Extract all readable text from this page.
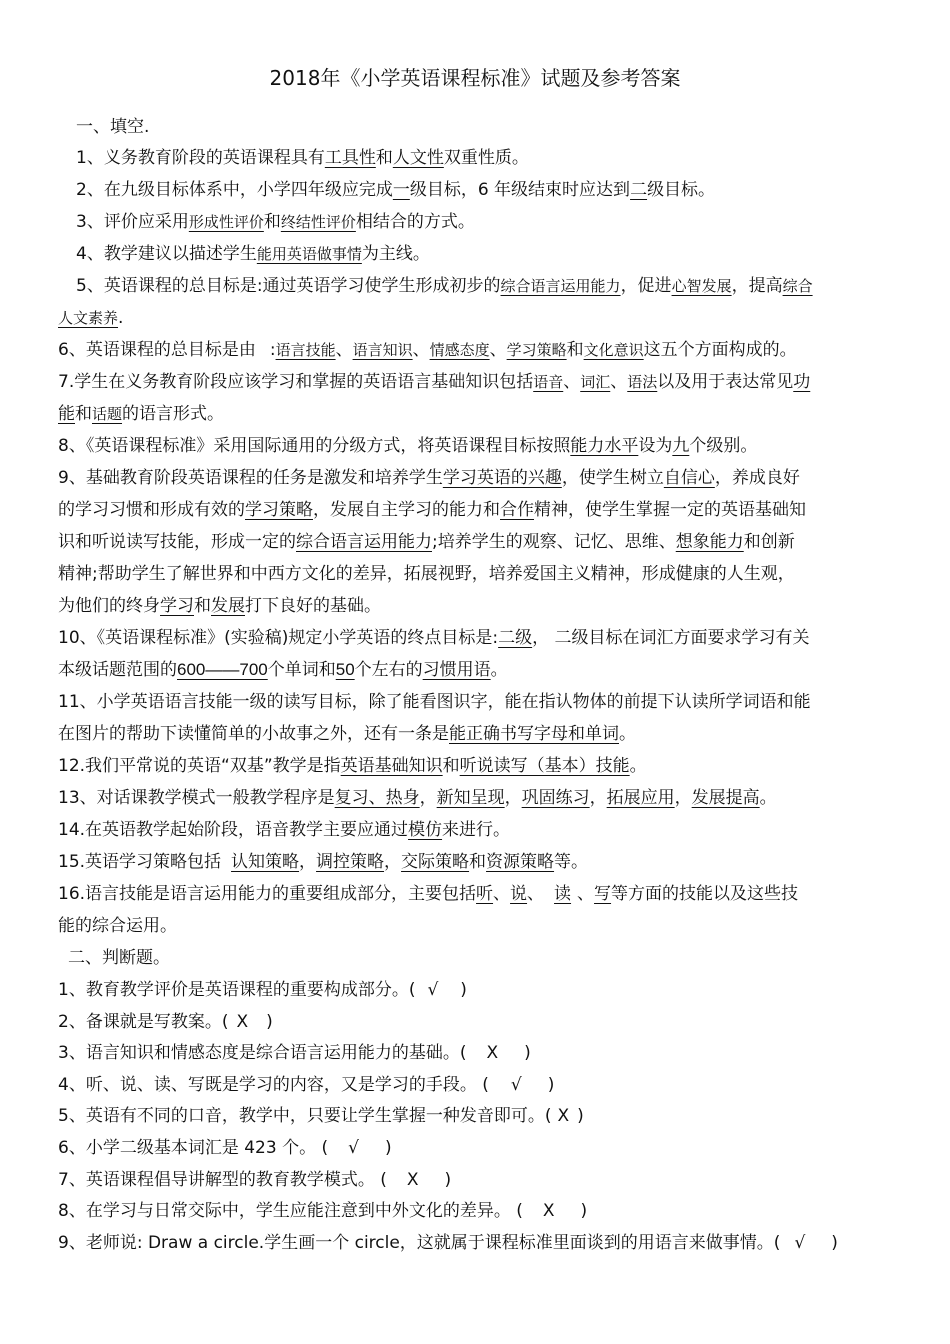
2018年《小学英语课程标准》试题及参考答案
一、填空.
1、义务教育阶段的英语课程具有工具性和人文性双重性质。
2、在九级目标体系中，小学四年级应完成一级目标，6 年级结束时应达到二级目标。
3、评价应采用形成性评价和终结性评价相结合的方式。
4、教学建议以描述学生能用英语做事情为主线。
5、英语课程的总目标是:通过英语学习使学生形成初步的综合语言运用能力，促进心智发展，提高综合
人文素养.
6、英语课程的总目标是由 :语言技能、语言知识、情感态度、学习策略和文化意识这五个方面构成的。
7.学生在义务教育阶段应该学习和掌握的英语语言基础知识包括语音、词汇、语法以及用于表达常见功
能和话题的语言形式。
8、《英语课程标准》采用国际通用的分级方式，将英语课程目标按照能力水平设为九个级别。
9、基础教育阶段英语课程的任务是激发和培养学生学习英语的兴趣，使学生树立自信心，养成良好
的学习习惯和形成有效的学习策略，发展自主学习的能力和合作精神，使学生掌握一定的英语基础知
识和听说读写技能，形成一定的综合语言运用能力;培养学生的观察、记忆、思维、想象能力和创新
精神;帮助学生了解世界和中西方文化的差异，拓展视野，培养爱国主义精神，形成健康的人生观，
为他们的终身学习和发展打下良好的基础。
10、《英语课程标准》(实验稿)规定小学英语的终点目标是:二级， 二级目标在词汇方面要求学习有关
本级话题范围的600——700个单词和50个左右的习惯用语。
11、小学英语语言技能一级的读写目标，除了能看图识字，能在指认物体的前提下认读所学词语和能
在图片的帮助下读懂简单的小故事之外，还有一条是能正确书写字母和单词。
12.我们平常说的英语“双基”教学是指英语基础知识和听说读写（基本）技能。
13、对话课教学模式一般教学程序是复习、热身，新知呈现，巩固练习，拓展应用，发展提高。
14.在英语教学起始阶段，语音教学主要应通过模仿来进行。
15.英语学习策略包括 认知策略，调控策略，交际策略和资源策略等。
16.语言技能是语言运用能力的重要组成部分，主要包括听、说、 读 、写等方面的技能以及这些技
能的综合运用。
二、判断题。
1、教育教学评价是英语课程的重要构成部分。( √ )
2、备课就是写教案。( X )
3、语言知识和情感态度是综合语言运用能力的基础。( X )
4、听、说、读、写既是学习的内容，又是学习的手段。 ( √ )
5、英语有不同的口音，教学中，只要让学生掌握一种发音即可。( X )
6、小学二级基本词汇是 423 个。 ( √ )
7、英语课程倡导讲解型的教育教学模式。 ( X )
8、在学习与日常交际中，学生应能注意到中外文化的差异。 ( X )
9、老师说: Draw a circle.学生画一个 circle，这就属于课程标准里面谈到的用语言来做事情。( √ )
